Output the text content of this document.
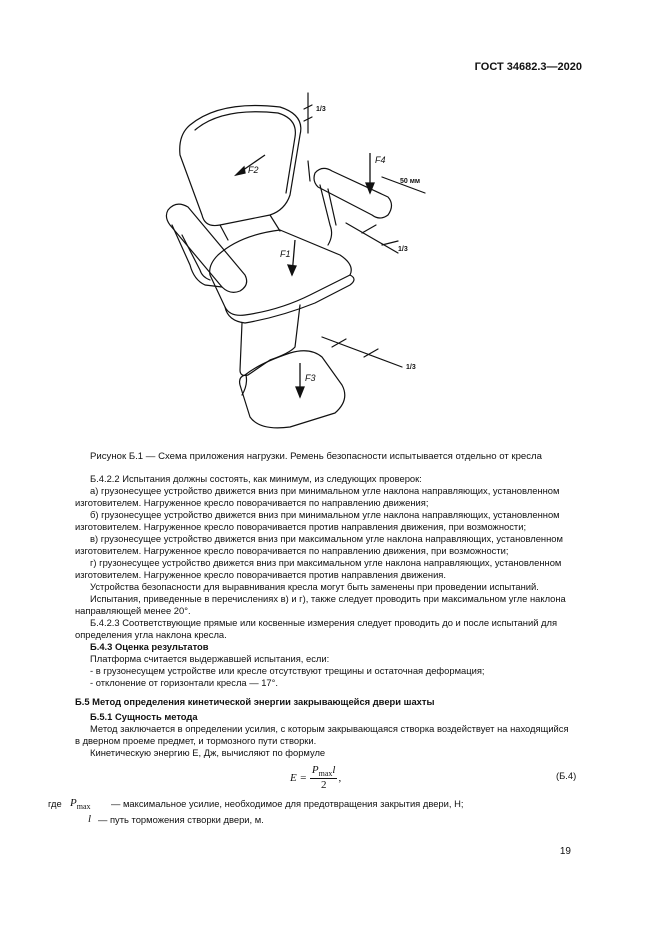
ГОСТ 34682.3—2020
F2
F1
F4
F3
1/3
50 мм
1/3
1/3
Рисунок Б.1 — Схема приложения нагрузки. Ремень безопасности испытывается отдельно от кресла
Б.4.2.2 Испытания должны состоять, как минимум, из следующих проверок:
а) грузонесущее устройство движется вниз при минимальном угле наклона направляющих, установленном
изготовителем. Нагруженное кресло поворачивается по направлению движения;
б) грузонесущее устройство движется вниз при минимальном угле наклона направляющих, установленном
изготовителем. Нагруженное кресло поворачивается против направления движения, при возможности;
в) грузонесущее устройство движется вниз при максимальном угле наклона направляющих, установленном
изготовителем. Нагруженное кресло поворачивается по направлению движения, при возможности;
г) грузонесущее устройство движется вниз при максимальном угле наклона направляющих, установленном
изготовителем. Нагруженное кресло поворачивается против направления движения.
Устройства безопасности для выравнивания кресла могут быть заменены при проведении испытаний.
Испытания, приведенные в перечислениях в) и г), также следует проводить при максимальном угле наклона
направляющей менее 20°.
Б.4.2.3 Соответствующие прямые или косвенные измерения следует проводить до и после испытаний для
определения угла наклона кресла.
Б.4.3 Оценка результатов
Платформа считается выдержавшей испытания, если:
- в грузонесущем устройстве или кресле отсутствуют трещины и остаточная деформация;
- отклонение от горизонтали кресла — 17°.
Б.5 Метод определения кинетической энергии закрывающейся двери шахты
Б.5.1 Сущность метода
Метод заключается в определении усилия, с которым закрывающаяся створка воздействует на находящийся
в дверном проеме предмет, и тормозного пути створки.
Кинетическую энергию Е, Дж, вычисляют по формуле
E =	$P_{max}l$	,
2
(Б.4)
где $P_{max}$ — максимальное усилие, необходимое для предотвращения закрытия двери, Н;
l — путь торможения створки двери, м.
19
